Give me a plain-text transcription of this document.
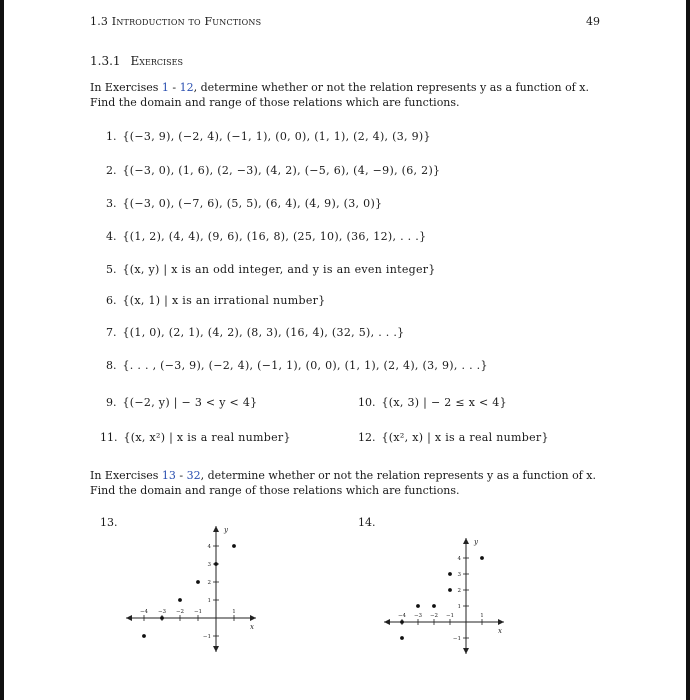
1.3 Introduction to Functions	49
1.3.1 Exercises
In Exercises 1 - 12, determine whether or not the relation represents y as a function of x. Find the domain and range of those relations which are functions.
1. {(−3, 9), (−2, 4), (−1, 1), (0, 0), (1, 1), (2, 4), (3, 9)}
2. {(−3, 0), (1, 6), (2, −3), (4, 2), (−5, 6), (4, −9), (6, 2)}
3. {(−3, 0), (−7, 6), (5, 5), (6, 4), (4, 9), (3, 0)}
4. {(1, 2), (4, 4), (9, 6), (16, 8), (25, 10), (36, 12), . . .}
5. {(x, y) | x is an odd integer, and y is an even integer}
6. {(x, 1) | x is an irrational number}
7. {(1, 0), (2, 1), (4, 2), (8, 3), (16, 4), (32, 5), . . .}
8. {. . . , (−3, 9), (−2, 4), (−1, 1), (0, 0), (1, 1), (2, 4), (3, 9), . . .}
9. {(−2, y) | − 3 < y < 4}	10. {(x, 3) | − 2 ≤ x < 4}
11. {(x, x²) | x is a real number}	12. {(x², x) | x is a real number}
In Exercises 13 - 32, determine whether or not the relation represents y as a function of x. Find the domain and range of those relations which are functions.
13.	14.
x
y
−4 −3 −2 −1	1
4
3
2
1
−1
x
y
−4 −3 −2 −1	1
4
3
2
1
−1
